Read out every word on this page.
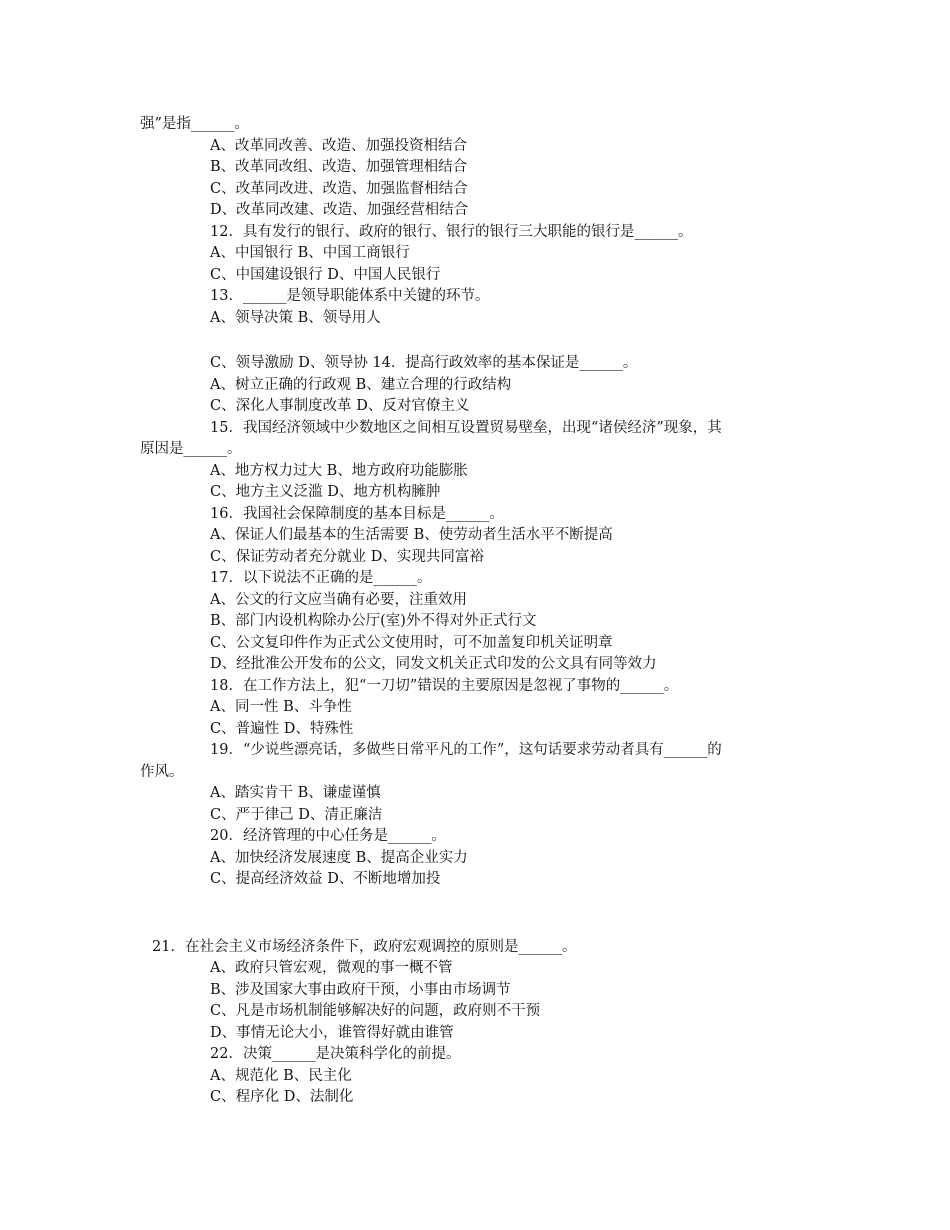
强”是指______。

A、改革同改善、改造、加强投资相结合

B、改革同改组、改造、加强管理相结合

C、改革同改进、改造、加强监督相结合

D、改革同改建、改造、加强经营相结合

12．具有发行的银行、政府的银行、银行的银行三大职能的银行是______。

A、中国银行 B、中国工商银行

C、中国建设银行 D、中国人民银行

13．______是领导职能体系中关键的环节。

A、领导决策 B、领导用人

C、领导激励 D、领导协 14．提高行政效率的基本保证是______。

A、树立正确的行政观 B、建立合理的行政结构

C、深化人事制度改革 D、反对官僚主义

15．我国经济领域中少数地区之间相互设置贸易壁垒，出现“诸侯经济”现象，其

原因是______。

A、地方权力过大 B、地方政府功能膨胀

C、地方主义泛滥 D、地方机构臃肿

16．我国社会保障制度的基本目标是______。

A、保证人们最基本的生活需要 B、使劳动者生活水平不断提高

C、保证劳动者充分就业 D、实现共同富裕

17．以下说法不正确的是______。

A、公文的行文应当确有必要，注重效用

B、部门内设机构除办公厅(室)外不得对外正式行文

C、公文复印件作为正式公文使用时，可不加盖复印机关证明章

D、经批准公开发布的公文，同发文机关正式印发的公文具有同等效力

18．在工作方法上，犯“一刀切”错误的主要原因是忽视了事物的______。

A、同一性 B、斗争性

C、普遍性 D、特殊性

19．“少说些漂亮话，多做些日常平凡的工作”，这句话要求劳动者具有______的

作风。

A、踏实肯干 B、谦虚谨慎

C、严于律己 D、清正廉洁

20．经济管理的中心任务是______。

A、加快经济发展速度 B、提高企业实力

C、提高经济效益 D、不断地增加投

21．在社会主义市场经济条件下，政府宏观调控的原则是______。

A、政府只管宏观，微观的事一概不管

B、涉及国家大事由政府干预，小事由市场调节

C、凡是市场机制能够解决好的问题，政府则不干预

D、事情无论大小，谁管得好就由谁管

22．决策______是决策科学化的前提。

A、规范化 B、民主化

C、程序化 D、法制化
